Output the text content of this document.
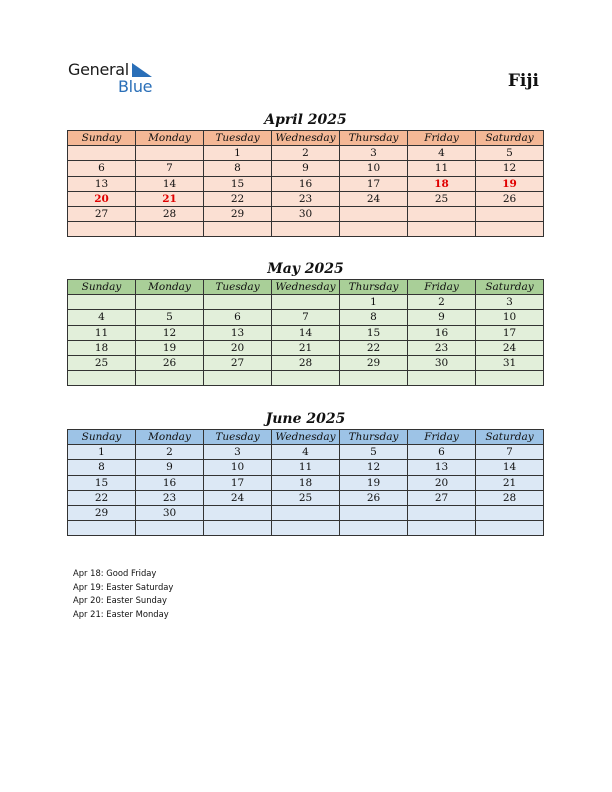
General
Blue	Fiji
April 2025
Sunday	Monday	Tuesday	Wednesday	Thursday	Friday	Saturday
		1	2	3	4	5
6	7	8	9	10	11	12
13	14	15	16	17	18	19
20	21	22	23	24	25	26
27	28	29	30			

May 2025
Sunday	Monday	Tuesday	Wednesday	Thursday	Friday	Saturday
				1	2	3
4	5	6	7	8	9	10
11	12	13	14	15	16	17
18	19	20	21	22	23	24
25	26	27	28	29	30	31

June 2025
Sunday	Monday	Tuesday	Wednesday	Thursday	Friday	Saturday
1	2	3	4	5	6	7
8	9	10	11	12	13	14
15	16	17	18	19	20	21
22	23	24	25	26	27	28
29	30					

Apr 18: Good Friday
Apr 19: Easter Saturday
Apr 20: Easter Sunday
Apr 21: Easter Monday
